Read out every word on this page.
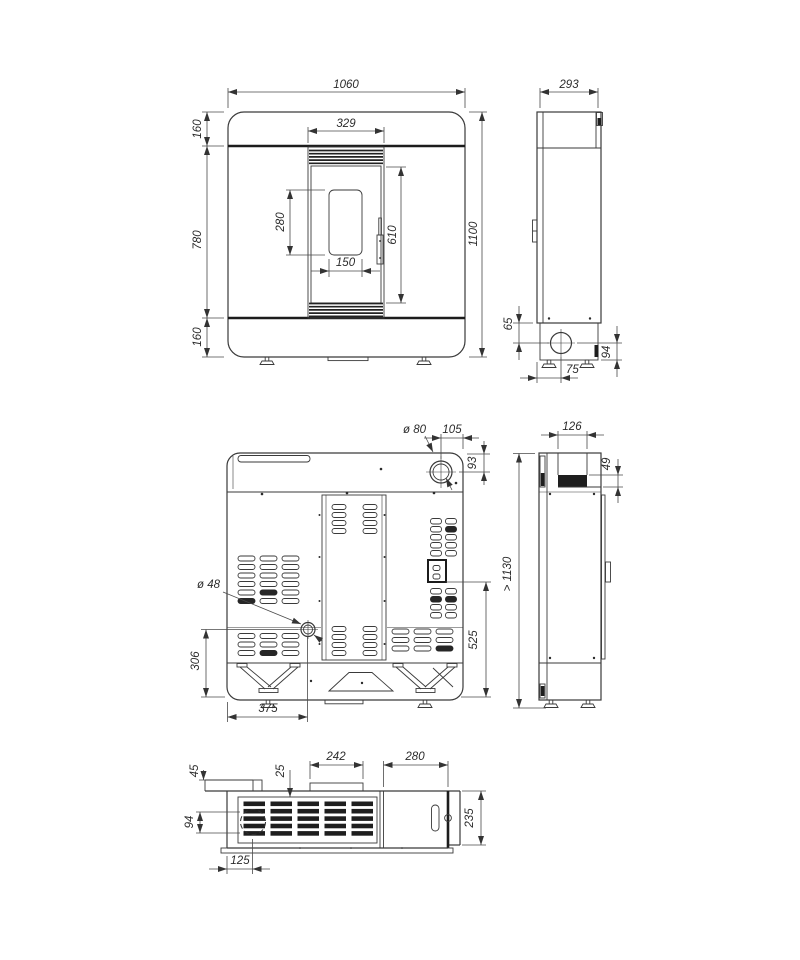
1060
1100
160
780
160
329
280
150
610
293
65
94
75
ø 80 105
93
ø 48
306
375
525
126
49
> 1130
45	25
242	280
94
125
235
